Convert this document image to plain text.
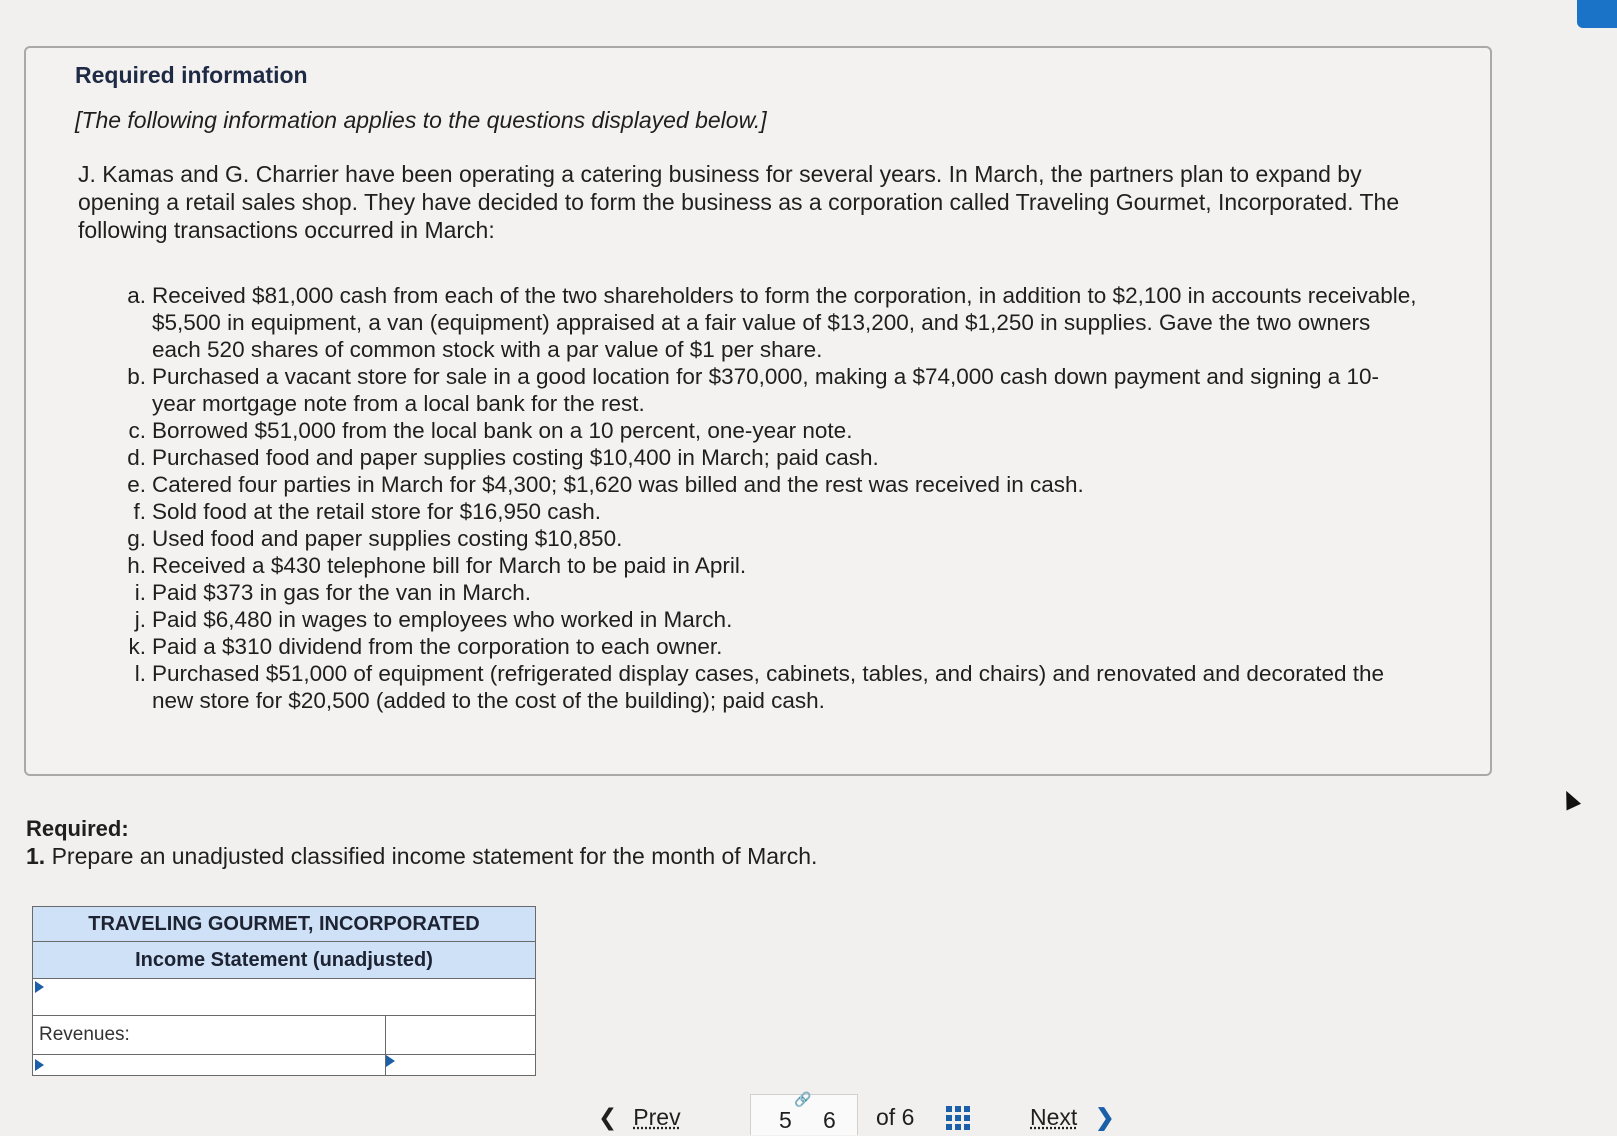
Required information
[The following information applies to the questions displayed below.]
J. Kamas and G. Charrier have been operating a catering business for several years. In March, the partners plan to expand by opening a retail sales shop. They have decided to form the business as a corporation called Traveling Gourmet, Incorporated. The following transactions occurred in March:
a. Received $81,000 cash from each of the two shareholders to form the corporation, in addition to $2,100 in accounts receivable, $5,500 in equipment, a van (equipment) appraised at a fair value of $13,200, and $1,250 in supplies. Gave the two owners each 520 shares of common stock with a par value of $1 per share.
b. Purchased a vacant store for sale in a good location for $370,000, making a $74,000 cash down payment and signing a 10-year mortgage note from a local bank for the rest.
c. Borrowed $51,000 from the local bank on a 10 percent, one-year note.
d. Purchased food and paper supplies costing $10,400 in March; paid cash.
e. Catered four parties in March for $4,300; $1,620 was billed and the rest was received in cash.
f. Sold food at the retail store for $16,950 cash.
g. Used food and paper supplies costing $10,850.
h. Received a $430 telephone bill for March to be paid in April.
i. Paid $373 in gas for the van in March.
j. Paid $6,480 in wages to employees who worked in March.
k. Paid a $310 dividend from the corporation to each owner.
l. Purchased $51,000 of equipment (refrigerated display cases, cabinets, tables, and chairs) and renovated and decorated the new store for $20,500 (added to the cost of the building); paid cash.
Required:
1. Prepare an unadjusted classified income statement for the month of March.
TRAVELING GOURMET, INCORPORATED
Income Statement (unadjusted)
Revenues:
❮ Prev
🔗
5 6 of 6	Next ❯
